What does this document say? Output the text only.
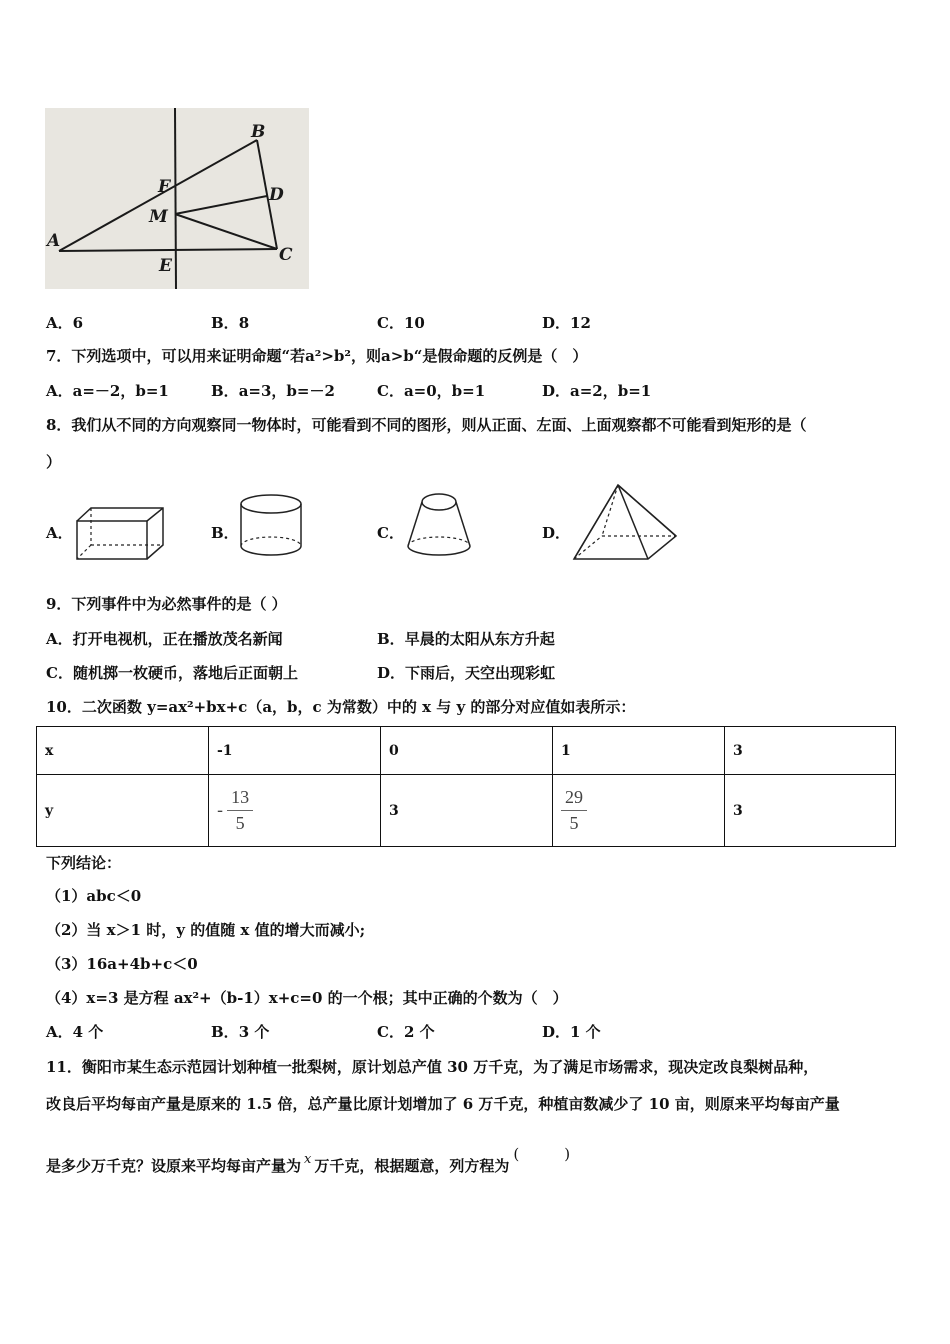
A
B
C
D
E
F
M
A．6	B．8	C．10	D．12
7．下列选项中，可以用来证明命题“若a²>b²，则a>b“是假命题的反例是（　）
A．a=－2，b=1	B．a=3，b=－2	C．a=0，b=1	D．a=2，b=1
8．我们从不同的方向观察同一物体时，可能看到不同的图形，则从正面、左面、上面观察都不可能看到矩形的是（
）
A．	B．	C．	D．
9．下列事件中为必然事件的是（ ）
A．打开电视机，正在播放茂名新闻	B．早晨的太阳从东方升起
C．随机掷一枚硬币，落地后正面朝上	D．下雨后，天空出现彩虹
10．二次函数 y=ax²+bx+c（a，b，c 为常数）中的 x 与 y 的部分对应值如表所示：
x	-1	0	1	3
y	- $\frac{13}{5}$	3	$\frac{29}{5}$	3
下列结论：
（1）abc＜0
（2）当 x＞1 时，y 的值随 x 值的增大而减小;
（3）16a+4b+c＜0
（4）x=3 是方程 ax²+（b-1）x+c=0 的一个根；其中正确的个数为（　）
A．4 个	B．3 个	C．2 个	D．1 个
11．衡阳市某生态示范园计划种植一批梨树，原计划总产值 30 万千克，为了满足市场需求，现决定改良梨树品种，
改良后平均每亩产量是原来的 1.5 倍，总产量比原计划增加了 6 万千克，种植亩数减少了 10 亩，则原来平均每亩产量
是多少万千克？设原来平均每亩产量为 x 万千克，根据题意，列方程为(　　　)
